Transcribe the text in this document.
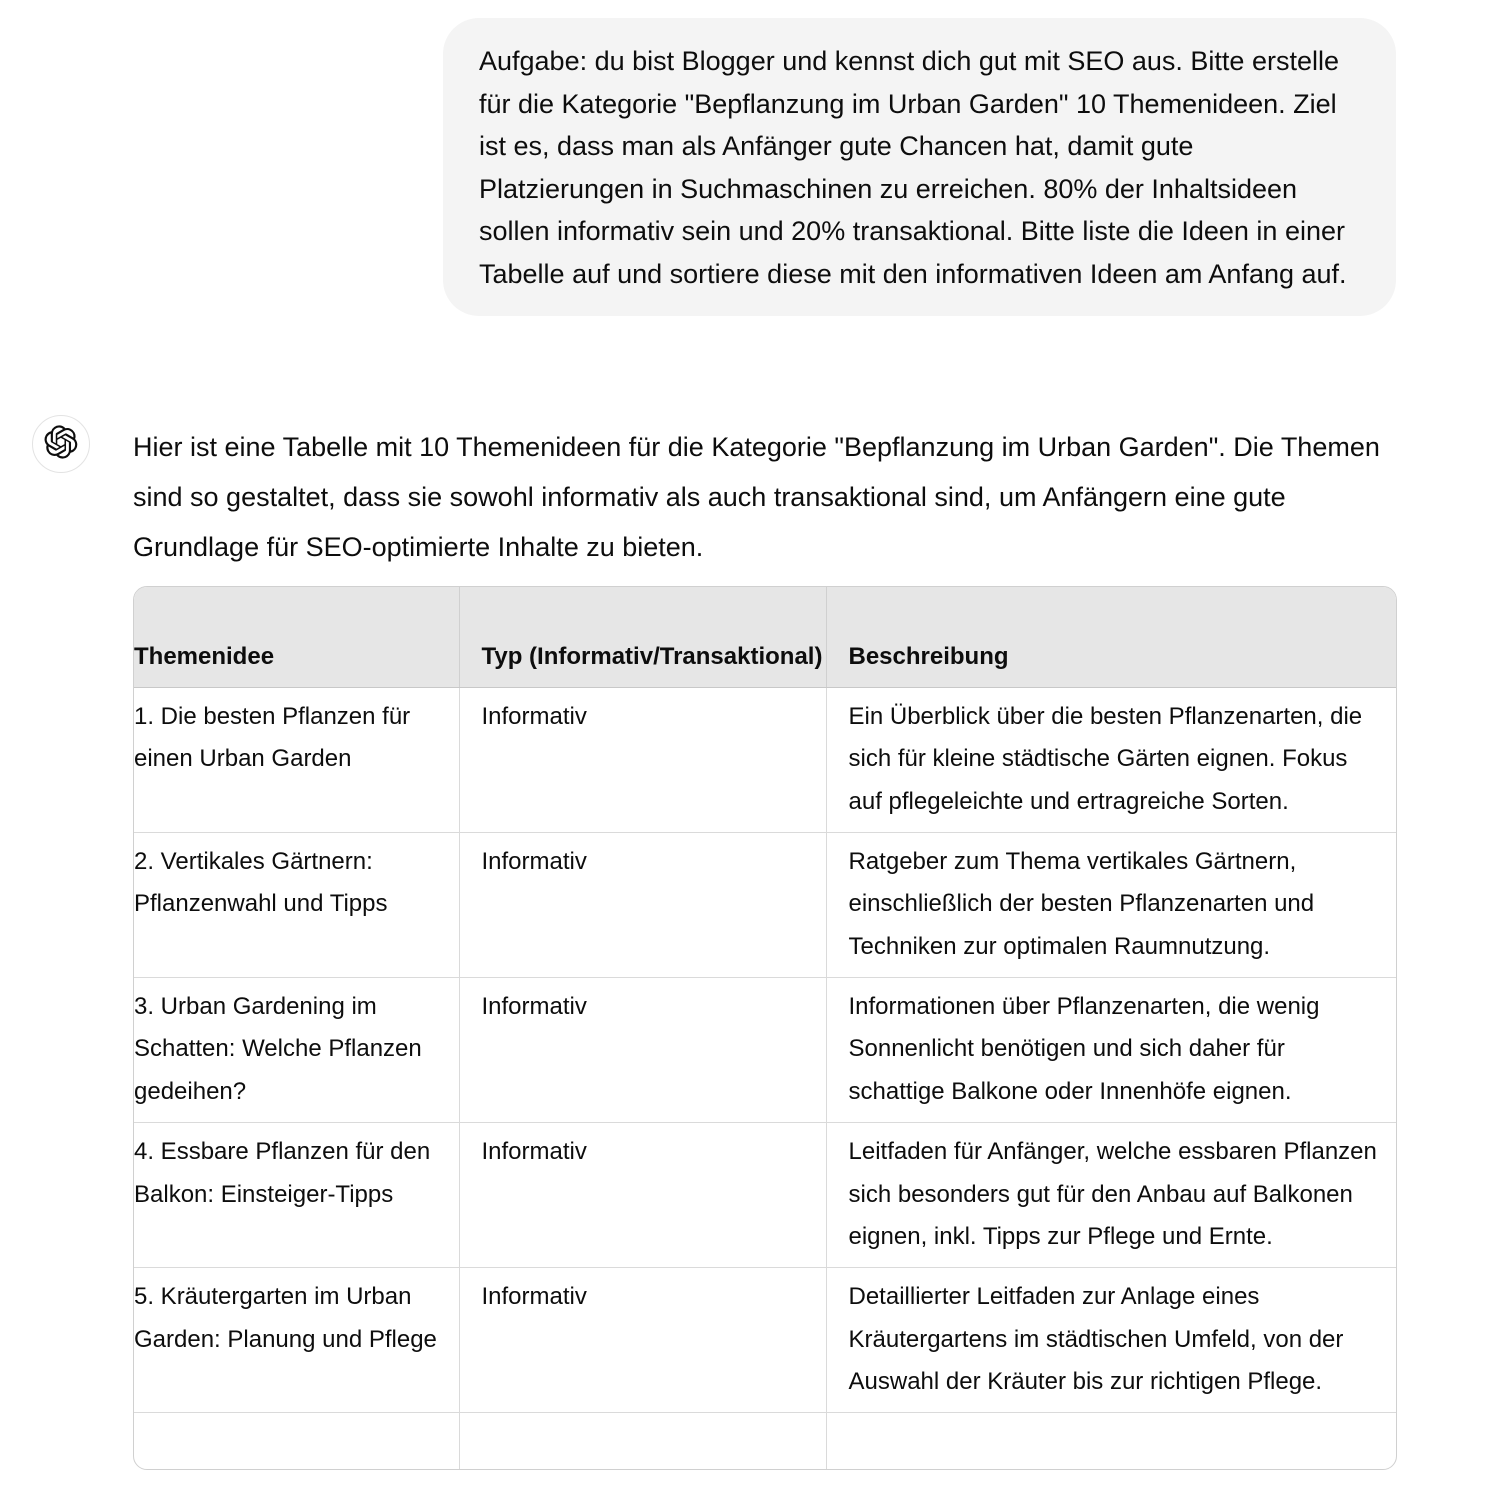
Aufgabe: du bist Blogger und kennst dich gut mit SEO aus. Bitte erstelle für die Kategorie "Bepflanzung im Urban Garden" 10 Themenideen. Ziel ist es, dass man als Anfänger gute Chancen hat, damit gute Platzierungen in Suchmaschinen zu erreichen. 80% der Inhaltsideen sollen informativ sein und 20% transaktional. Bitte liste die Ideen in einer Tabelle auf und sortiere diese mit den informativen Ideen am Anfang auf.

Hier ist eine Tabelle mit 10 Themenideen für die Kategorie "Bepflanzung im Urban Garden". Die Themen sind so gestaltet, dass sie sowohl informativ als auch transaktional sind, um Anfängern eine gute Grundlage für SEO-optimierte Inhalte zu bieten.

Themenidee	Typ (Informativ/Transaktional)	Beschreibung
1. Die besten Pflanzen für einen Urban Garden	Informativ	Ein Überblick über die besten Pflanzenarten, die sich für kleine städtische Gärten eignen. Fokus auf pflegeleichte und ertragreiche Sorten.
2. Vertikales Gärtnern: Pflanzenwahl und Tipps	Informativ	Ratgeber zum Thema vertikales Gärtnern, einschließlich der besten Pflanzenarten und Techniken zur optimalen Raumnutzung.
3. Urban Gardening im Schatten: Welche Pflanzen gedeihen?	Informativ	Informationen über Pflanzenarten, die wenig Sonnenlicht benötigen und sich daher für schattige Balkone oder Innenhöfe eignen.
4. Essbare Pflanzen für den Balkon: Einsteiger-Tipps	Informativ	Leitfaden für Anfänger, welche essbaren Pflanzen sich besonders gut für den Anbau auf Balkonen eignen, inkl. Tipps zur Pflege und Ernte.
5. Kräutergarten im Urban Garden: Planung und Pflege	Informativ	Detaillierter Leitfaden zur Anlage eines Kräutergartens im städtischen Umfeld, von der Auswahl der Kräuter bis zur richtigen Pflege.
